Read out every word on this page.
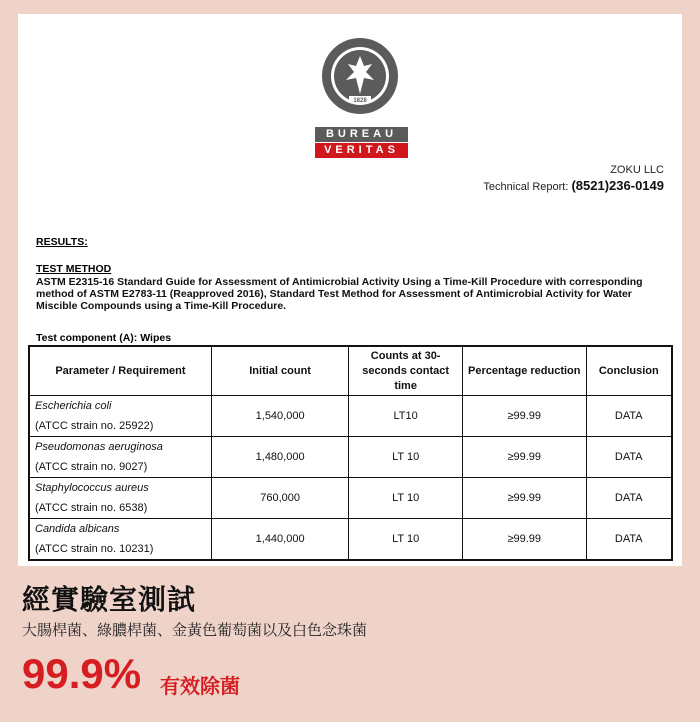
1828
BUREAU
VERITAS
ZOKU LLC
Technical Report: (8521)236-0149
RESULTS:
TEST METHOD
ASTM E2315-16 Standard Guide for Assessment of Antimicrobial Activity Using a Time-Kill Procedure with corresponding method of ASTM E2783-11 (Reapproved 2016), Standard Test Method for Assessment of Antimicrobial Activity for Water Miscible Compounds using a Time-Kill Procedure.
Test component (A): Wipes
Parameter / Requirement	Initial count	Counts at 30-seconds contact time	Percentage reduction	Conclusion

Escherichia coli
(ATCC strain no. 25922)	1,540,000	LT10	≥99.99	DATA

Pseudomonas aeruginosa
(ATCC strain no. 9027)	1,480,000	LT 10	≥99.99	DATA

Staphylococcus aureus
(ATCC strain no. 6538)	760,000	LT 10	≥99.99	DATA

Candida albicans
(ATCC strain no. 10231)	1,440,000	LT 10	≥99.99	DATA
經實驗室測試
大腸桿菌、綠膿桿菌、金黃色葡萄菌以及白色念珠菌
99.9% 有效除菌
